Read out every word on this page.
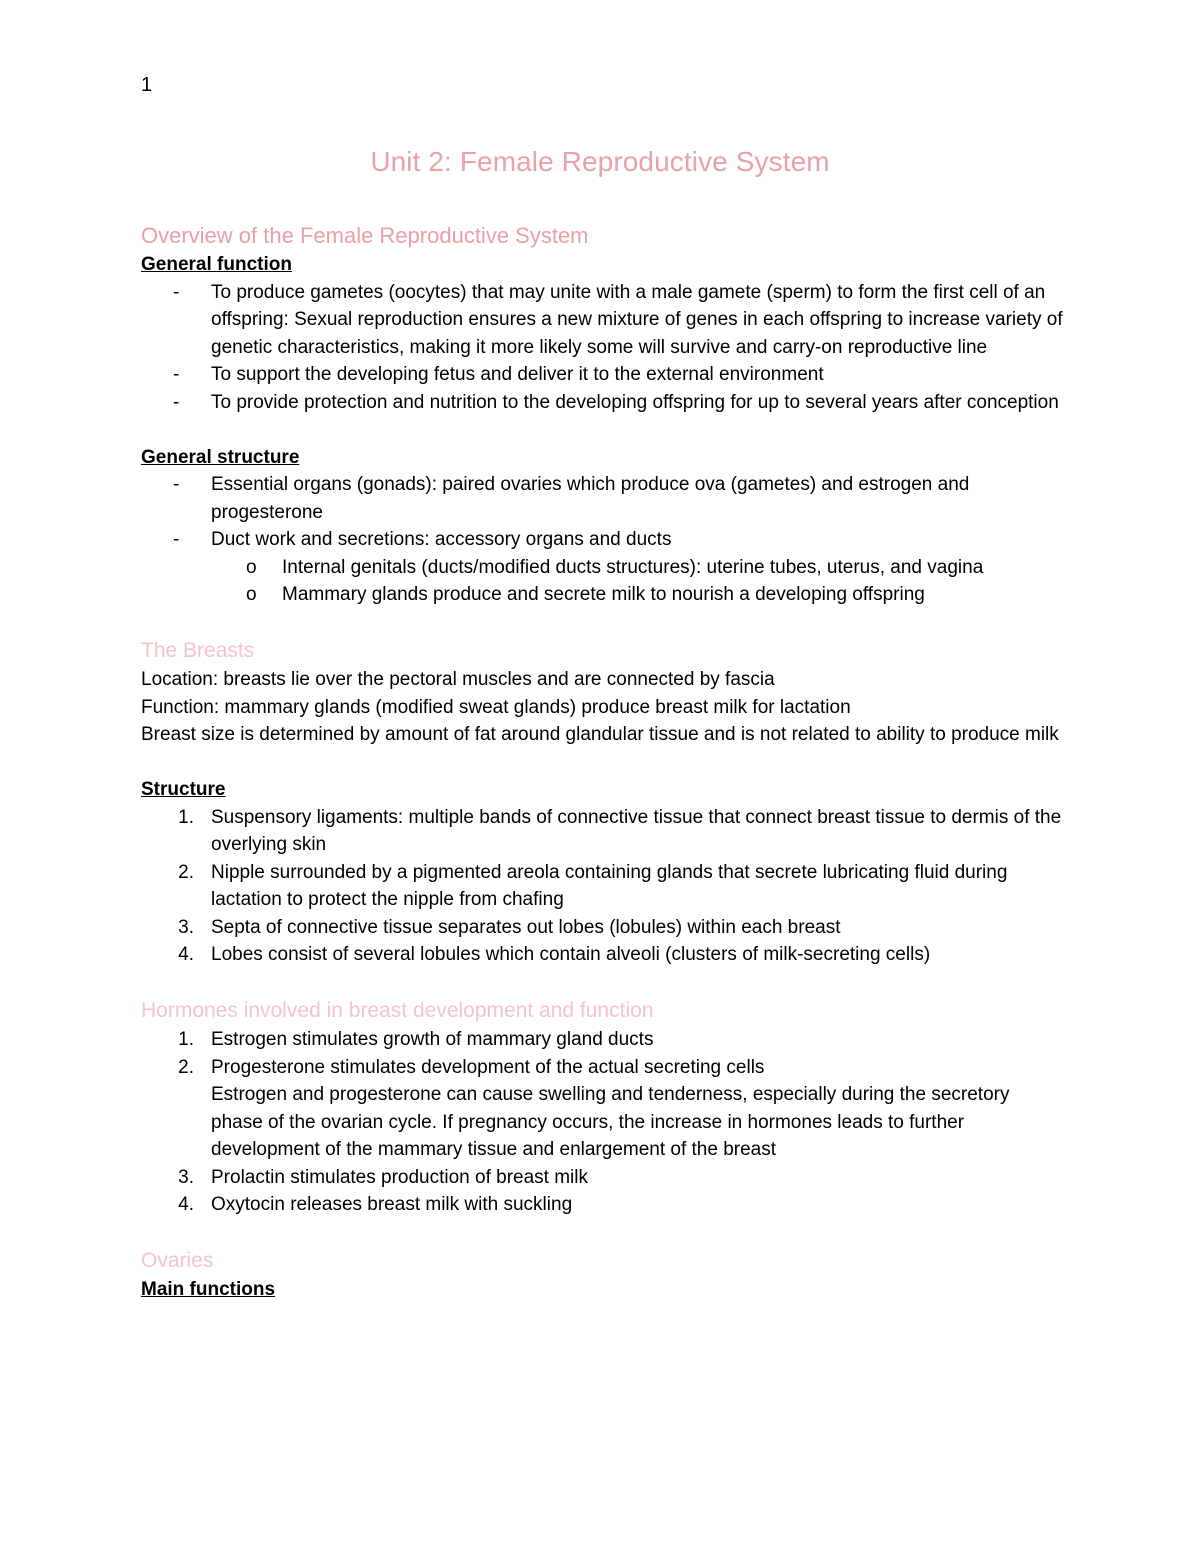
1
Unit 2: Female Reproductive System
Overview of the Female Reproductive System
General function
-	To produce gametes (oocytes) that may unite with a male gamete (sperm) to form the first cell of an offspring: Sexual reproduction ensures a new mixture of genes in each offspring to increase variety of genetic characteristics, making it more likely some will survive and carry-on reproductive line
-	To support the developing fetus and deliver it to the external environment
-	To provide protection and nutrition to the developing offspring for up to several years after conception
General structure
-	Essential organs (gonads): paired ovaries which produce ova (gametes) and estrogen and progesterone
-	Duct work and secretions: accessory organs and ducts
o	Internal genitals (ducts/modified ducts structures): uterine tubes, uterus, and vagina
o	Mammary glands produce and secrete milk to nourish a developing offspring
The Breasts
Location: breasts lie over the pectoral muscles and are connected by fascia
Function: mammary glands (modified sweat glands) produce breast milk for lactation
Breast size is determined by amount of fat around glandular tissue and is not related to ability to produce milk
Structure
1. Suspensory ligaments: multiple bands of connective tissue that connect breast tissue to dermis of the overlying skin
2. Nipple surrounded by a pigmented areola containing glands that secrete lubricating fluid during lactation to protect the nipple from chafing
3. Septa of connective tissue separates out lobes (lobules) within each breast
4. Lobes consist of several lobules which contain alveoli (clusters of milk-secreting cells)
Hormones involved in breast development and function
1. Estrogen stimulates growth of mammary gland ducts
2. Progesterone stimulates development of the actual secreting cells
Estrogen and progesterone can cause swelling and tenderness, especially during the secretory phase of the ovarian cycle. If pregnancy occurs, the increase in hormones leads to further development of the mammary tissue and enlargement of the breast
3. Prolactin stimulates production of breast milk
4. Oxytocin releases breast milk with suckling
Ovaries
Main functions
